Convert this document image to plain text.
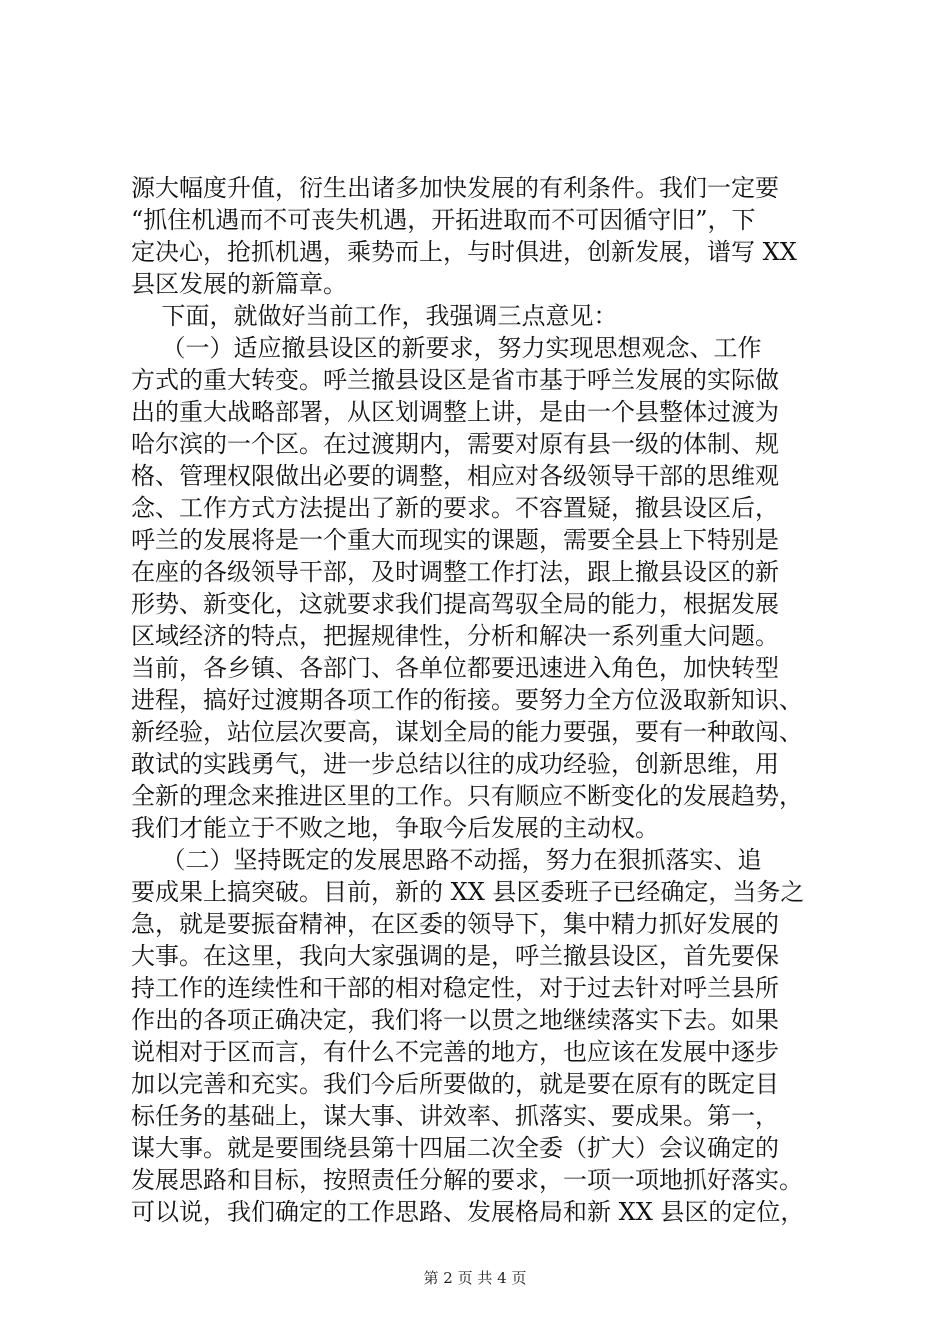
源大幅度升值，衍生出诸多加快发展的有利条件。我们一定要
“抓住机遇而不可丧失机遇，开拓进取而不可因循守旧”，下
定决心，抢抓机遇，乘势而上，与时俱进，创新发展，谱写 XX
县区发展的新篇章。
下面，就做好当前工作，我强调三点意见：
（一）适应撤县设区的新要求，努力实现思想观念、工作
方式的重大转变。呼兰撤县设区是省市基于呼兰发展的实际做
出的重大战略部署，从区划调整上讲，是由一个县整体过渡为
哈尔滨的一个区。在过渡期内，需要对原有县一级的体制、规
格、管理权限做出必要的调整，相应对各级领导干部的思维观
念、工作方式方法提出了新的要求。不容置疑，撤县设区后，
呼兰的发展将是一个重大而现实的课题，需要全县上下特别是
在座的各级领导干部，及时调整工作打法，跟上撤县设区的新
形势、新变化，这就要求我们提高驾驭全局的能力，根据发展
区域经济的特点，把握规律性，分析和解决一系列重大问题。
当前，各乡镇、各部门、各单位都要迅速进入角色，加快转型
进程，搞好过渡期各项工作的衔接。要努力全方位汲取新知识、
新经验，站位层次要高，谋划全局的能力要强，要有一种敢闯、
敢试的实践勇气，进一步总结以往的成功经验，创新思维，用
全新的理念来推进区里的工作。只有顺应不断变化的发展趋势，
我们才能立于不败之地，争取今后发展的主动权。
（二）坚持既定的发展思路不动摇，努力在狠抓落实、追
要成果上搞突破。目前，新的 XX 县区委班子已经确定，当务之
急，就是要振奋精神，在区委的领导下，集中精力抓好发展的
大事。在这里，我向大家强调的是，呼兰撤县设区，首先要保
持工作的连续性和干部的相对稳定性，对于过去针对呼兰县所
作出的各项正确决定，我们将一以贯之地继续落实下去。如果
说相对于区而言，有什么不完善的地方，也应该在发展中逐步
加以完善和充实。我们今后所要做的，就是要在原有的既定目
标任务的基础上，谋大事、讲效率、抓落实、要成果。第一，
谋大事。就是要围绕县第十四届二次全委（扩大）会议确定的
发展思路和目标，按照责任分解的要求，一项一项地抓好落实。
可以说，我们确定的工作思路、发展格局和新 XX 县区的定位，
第 2 页 共 4 页
